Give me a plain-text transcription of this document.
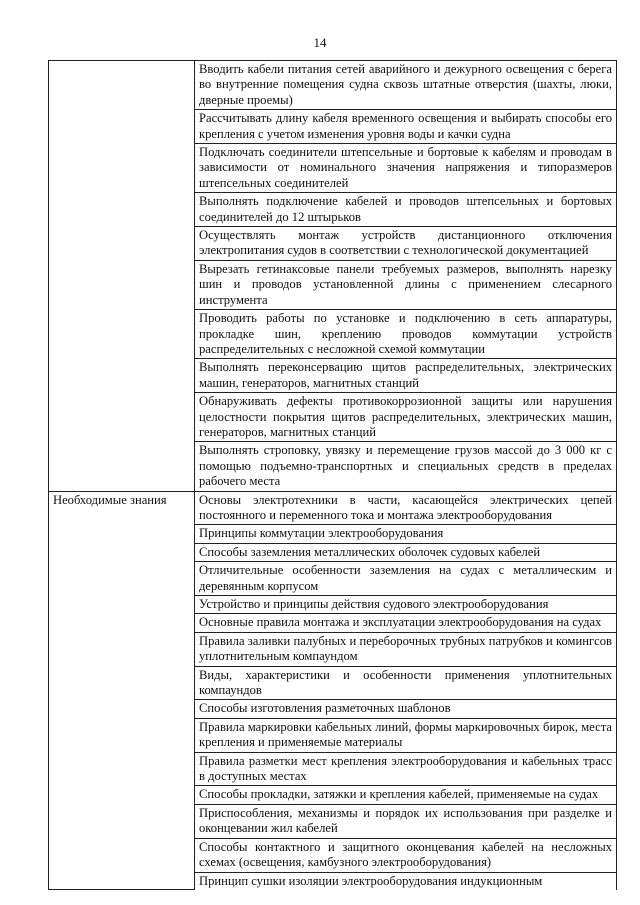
14
	Вводить кабели питания сетей аварийного и дежурного освещения с берега во внутренние помещения судна сквозь штатные отверстия (шахты, люки, дверные проемы)
	Рассчитывать длину кабеля временного освещения и выбирать способы его крепления с учетом изменения уровня воды и качки судна
	Подключать соединители штепсельные и бортовые к кабелям и проводам в зависимости от номинального значения напряжения и типоразмеров штепсельных соединителей
	Выполнять подключение кабелей и проводов штепсельных и бортовых соединителей до 12 штырьков
	Осуществлять монтаж устройств дистанционного отключения электропитания судов в соответствии с технологической документацией
	Вырезать гетинаксовые панели требуемых размеров, выполнять нарезку шин и проводов установленной длины с применением слесарного инструмента
	Проводить работы по установке и подключению в сеть аппаратуры, прокладке шин, креплению проводов коммутации устройств распределительных с несложной схемой коммутации
	Выполнять переконсервацию щитов распределительных, электрических машин, генераторов, магнитных станций
	Обнаруживать дефекты противокоррозионной защиты или нарушения целостности покрытия щитов распределительных, электрических машин, генераторов, магнитных станций
	Выполнять строповку, увязку и перемещение грузов массой до 3 000 кг с помощью подъемно-транспортных и специальных средств в пределах рабочего места
Необходимые знания	Основы электротехники в части, касающейся электрических цепей постоянного и переменного тока и монтажа электрооборудования
	Принципы коммутации электрооборудования
	Способы заземления металлических оболочек судовых кабелей
	Отличительные особенности заземления на судах с металлическим и деревянным корпусом
	Устройство и принципы действия судового электрооборудования
	Основные правила монтажа и эксплуатации электрооборудования на судах
	Правила заливки палубных и переборочных трубных патрубков и комингсов уплотнительным компаундом
	Виды, характеристики и особенности применения уплотнительных компаундов
	Способы изготовления разметочных шаблонов
	Правила маркировки кабельных линий, формы маркировочных бирок, места крепления и применяемые материалы
	Правила разметки мест крепления электрооборудования и кабельных трасс в доступных местах
	Способы прокладки, затяжки и крепления кабелей, применяемые на судах
	Приспособления, механизмы и порядок их использования при разделке и оконцевании жил кабелей
	Способы контактного и защитного оконцевания кабелей на несложных схемах (освещения, камбузного электрооборудования)
	Принцип сушки изоляции электрооборудования индукционным
